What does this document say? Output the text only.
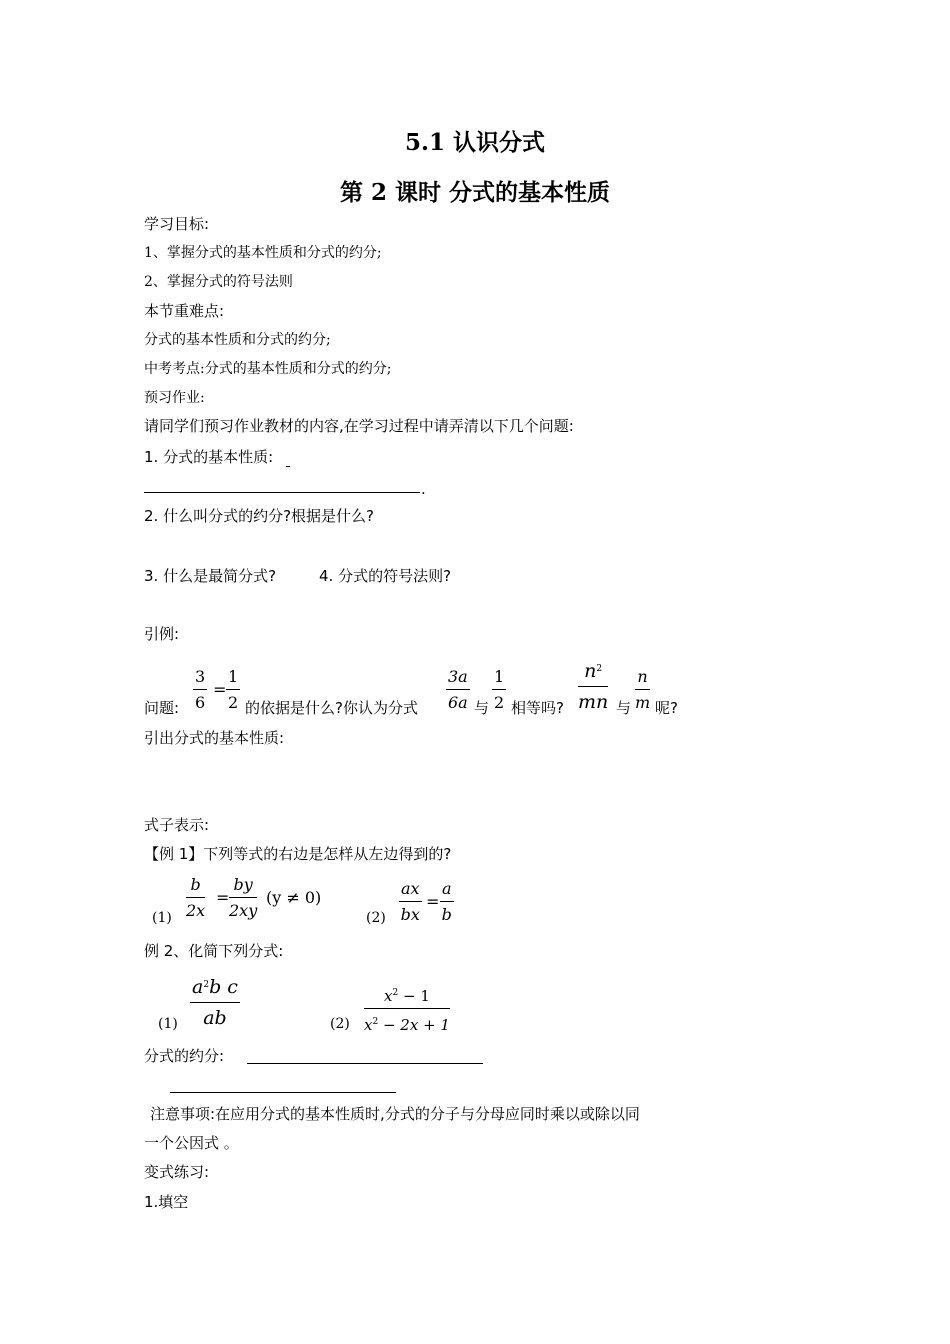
5.1 认识分式
第 2 课时 分式的基本性质
学习目标:
1、掌握分式的基本性质和分式的约分;
2、掌握分式的符号法则
本节重难点:
分式的基本性质和分式的约分;
中考考点:分式的基本性质和分式的约分;
预习作业:
请同学们预习作业教材的内容,在学习过程中请弄清以下几个问题:
1. 分式的基本性质:
.
2. 什么叫分式的约分?根据是什么?
3. 什么是最简分式?	4. 分式的符号法则?
引例:
问题: $\frac{3}{6} = \frac{1}{2}$ 的依据是什么?你认为分式 $\frac{3a}{6a}$ 与 $\frac{1}{2}$ 相等吗? $\frac{n^2}{mn}$ 与 $\frac{n}{m}$ 呢?
引出分式的基本性质:
式子表示:
【例 1】下列等式的右边是怎样从左边得到的?
$(1) \frac{b}{2x} = \frac{by}{2xy} (y \ne 0)$
$(2) \frac{ax}{bx} = \frac{a}{b}$
例 2、化简下列分式:
$(1) \frac{a^2b c}{ab}$	$(2) \frac{x^2 - 1}{x^2 - 2x + 1}$
分式的约分:
注意事项:在应用分式的基本性质时,分式的分子与分母应同时乘以或除以同
一个公因式 。
变式练习:
1.填空
